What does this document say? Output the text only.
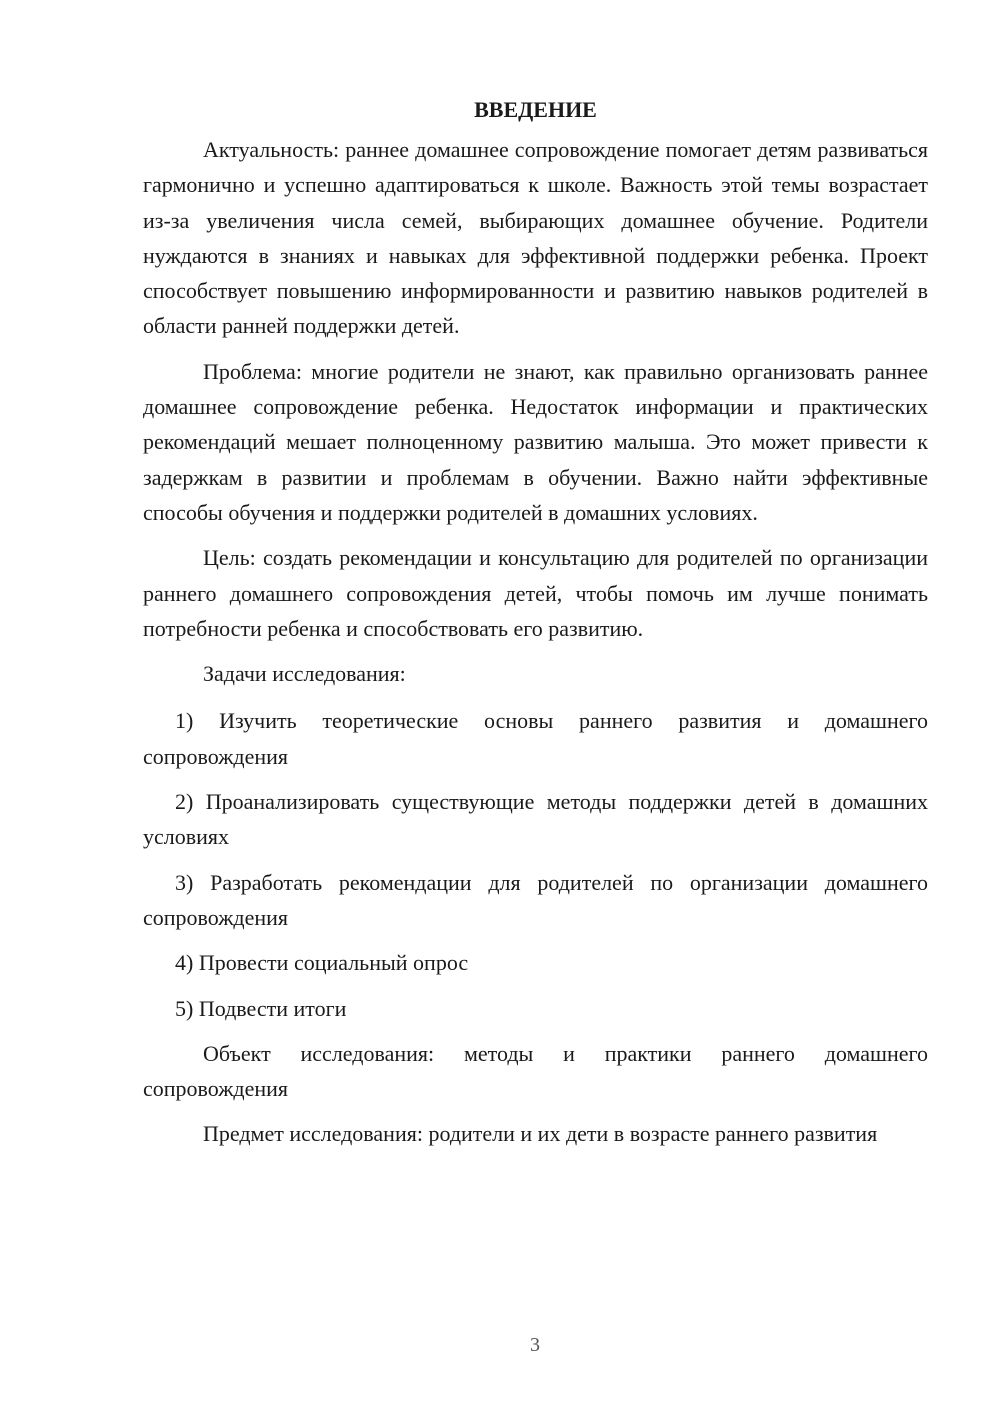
ВВЕДЕНИЕ

Актуальность: раннее домашнее сопровождение помогает детям развиваться гармонично и успешно адаптироваться к школе. Важность этой темы возрастает из-за увеличения числа семей, выбирающих домашнее обучение. Родители нуждаются в знаниях и навыках для эффективной поддержки ребенка. Проект способствует повышению информированности и развитию навыков родителей в области ранней поддержки детей.

Проблема: многие родители не знают, как правильно организовать раннее домашнее сопровождение ребенка. Недостаток информации и практических рекомендаций мешает полноценному развитию малыша. Это может привести к задержкам в развитии и проблемам в обучении. Важно найти эффективные способы обучения и поддержки родителей в домашних условиях.

Цель: создать рекомендации и консультацию для родителей по организации раннего домашнего сопровождения детей, чтобы помочь им лучше понимать потребности ребенка и способствовать его развитию.

Задачи исследования:

1) Изучить теоретические основы раннего развития и домашнего сопровождения

2) Проанализировать существующие методы поддержки детей в домашних условиях

3) Разработать рекомендации для родителей по организации домашнего сопровождения

4) Провести социальный опрос

5) Подвести итоги

Объект исследования: методы и практики раннего домашнего сопровождения

Предмет исследования: родители и их дети в возрасте раннего развития

3
